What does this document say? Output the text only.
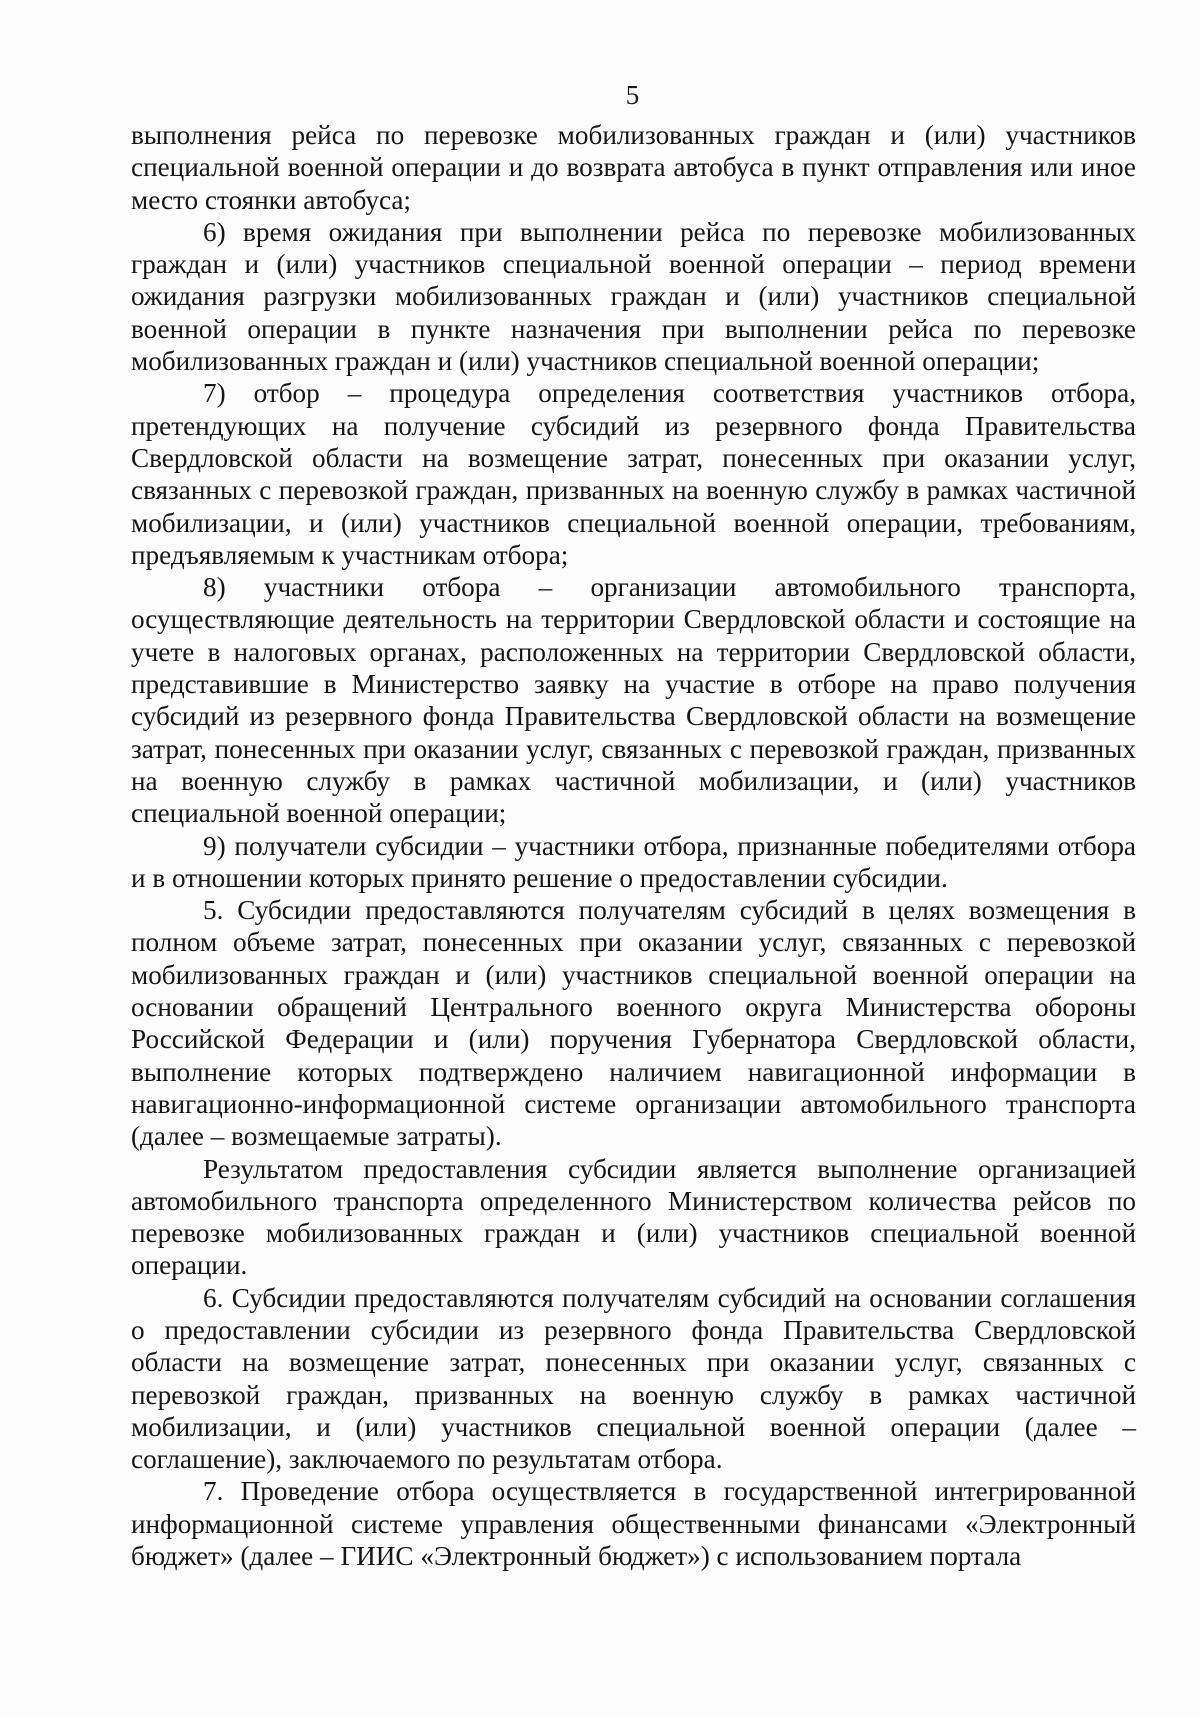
5

выполнения рейса по перевозке мобилизованных граждан и (или) участников специальной военной операции и до возврата автобуса в пункт отправления или иное место стоянки автобуса;

6) время ожидания при выполнении рейса по перевозке мобилизованных граждан и (или) участников специальной военной операции – период времени ожидания разгрузки мобилизованных граждан и (или) участников специальной военной операции в пункте назначения при выполнении рейса по перевозке мобилизованных граждан и (или) участников специальной военной операции;

7) отбор – процедура определения соответствия участников отбора, претендующих на получение субсидий из резервного фонда Правительства Свердловской области на возмещение затрат, понесенных при оказании услуг, связанных с перевозкой граждан, призванных на военную службу в рамках частичной мобилизации, и (или) участников специальной военной операции, требованиям, предъявляемым к участникам отбора;

8) участники отбора – организации автомобильного транспорта, осуществляющие деятельность на территории Свердловской области и состоящие на учете в налоговых органах, расположенных на территории Свердловской области, представившие в Министерство заявку на участие в отборе на право получения субсидий из резервного фонда Правительства Свердловской области на возмещение затрат, понесенных при оказании услуг, связанных с перевозкой граждан, призванных на военную службу в рамках частичной мобилизации, и (или) участников специальной военной операции;

9) получатели субсидии – участники отбора, признанные победителями отбора и в отношении которых принято решение о предоставлении субсидии.

5. Субсидии предоставляются получателям субсидий в целях возмещения в полном объеме затрат, понесенных при оказании услуг, связанных с перевозкой мобилизованных граждан и (или) участников специальной военной операции на основании обращений Центрального военного округа Министерства обороны Российской Федерации и (или) поручения Губернатора Свердловской области, выполнение которых подтверждено наличием навигационной информации в навигационно-информационной системе организации автомобильного транспорта (далее – возмещаемые затраты).

Результатом предоставления субсидии является выполнение организацией автомобильного транспорта определенного Министерством количества рейсов по перевозке мобилизованных граждан и (или) участников специальной военной операции.

6. Субсидии предоставляются получателям субсидий на основании соглашения о предоставлении субсидии из резервного фонда Правительства Свердловской области на возмещение затрат, понесенных при оказании услуг, связанных с перевозкой граждан, призванных на военную службу в рамках частичной мобилизации, и (или) участников специальной военной операции (далее – соглашение), заключаемого по результатам отбора.

7. Проведение отбора осуществляется в государственной интегрированной информационной системе управления общественными финансами «Электронный бюджет» (далее – ГИИС «Электронный бюджет») с использованием портала
